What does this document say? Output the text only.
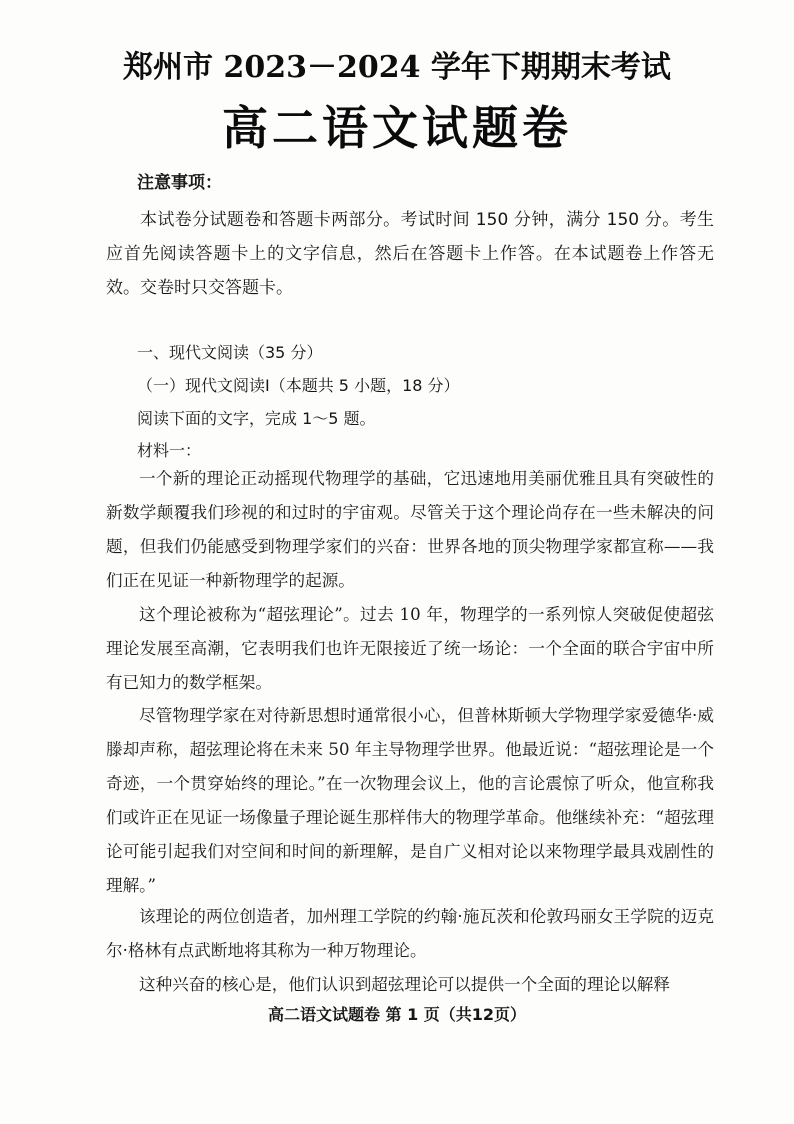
郑州市 2023－2024 学年下期期末考试
高二语文试题卷
注意事项：
本试卷分试题卷和答题卡两部分。考试时间 150 分钟，满分 150 分。考生应首先阅读答题卡上的文字信息，然后在答题卡上作答。在本试题卷上作答无效。交卷时只交答题卡。
一、现代文阅读（35 分）
（一）现代文阅读Ⅰ（本题共 5 小题，18 分）
阅读下面的文字，完成 1～5 题。
材料一：
一个新的理论正动摇现代物理学的基础，它迅速地用美丽优雅且具有突破性的新数学颠覆我们珍视的和过时的宇宙观。尽管关于这个理论尚存在一些未解决的问题，但我们仍能感受到物理学家们的兴奋：世界各地的顶尖物理学家都宣称——我们正在见证一种新物理学的起源。
这个理论被称为“超弦理论”。过去 10 年，物理学的一系列惊人突破促使超弦理论发展至高潮，它表明我们也许无限接近了统一场论：一个全面的联合宇宙中所有已知力的数学框架。
尽管物理学家在对待新思想时通常很小心，但普林斯顿大学物理学家爱德华·威滕却声称，超弦理论将在未来 50 年主导物理学世界。他最近说：“超弦理论是一个奇迹，一个贯穿始终的理论。”在一次物理会议上，他的言论震惊了听众，他宣称我们或许正在见证一场像量子理论诞生那样伟大的物理学革命。他继续补充：“超弦理论可能引起我们对空间和时间的新理解，是自广义相对论以来物理学最具戏剧性的理解。”
该理论的两位创造者，加州理工学院的约翰·施瓦茨和伦敦玛丽女王学院的迈克尔·格林有点武断地将其称为一种万物理论。
这种兴奋的核心是，他们认识到超弦理论可以提供一个全面的理论以解释
高二语文试题卷 第 1 页（共12页）
